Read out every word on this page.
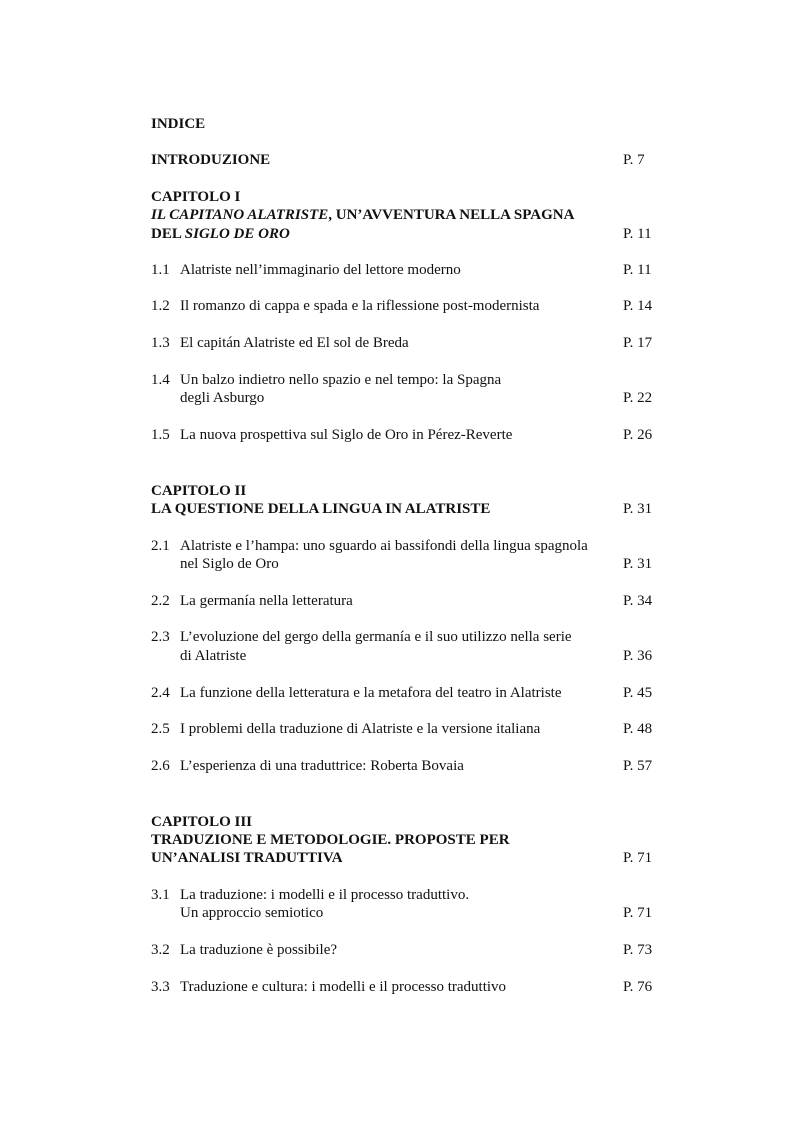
INDICE
INTRODUZIONE	P. 7
CAPITOLO I
IL CAPITANO ALATRISTE, UN’AVVENTURA NELLA SPAGNA
DEL SIGLO DE ORO	P. 11
1.1 Alatriste nell’immaginario del lettore moderno	P. 11
1.2 Il romanzo di cappa e spada e la riflessione post-modernista	P. 14
1.3 El capitán Alatriste ed El sol de Breda	P. 17
1.4 Un balzo indietro nello spazio e nel tempo: la Spagna
degli Asburgo	P. 22
1.5 La nuova prospettiva sul Siglo de Oro in Pérez-Reverte	P. 26
CAPITOLO II
LA QUESTIONE DELLA LINGUA IN ALATRISTE	P. 31
2.1 Alatriste e l’hampa: uno sguardo ai bassifondi della lingua spagnola
nel Siglo de Oro	P. 31
2.2 La germanía nella letteratura	P. 34
2.3 L’evoluzione del gergo della germanía e il suo utilizzo nella serie
di Alatriste	P. 36
2.4 La funzione della letteratura e la metafora del teatro in Alatriste	P. 45
2.5 I problemi della traduzione di Alatriste e la versione italiana	P. 48
2.6 L’esperienza di una traduttrice: Roberta Bovaia	P. 57
CAPITOLO III
TRADUZIONE E METODOLOGIE. PROPOSTE PER
UN’ANALISI TRADUTTIVA	P. 71
3.1 La traduzione: i modelli e il processo traduttivo.
Un approccio semiotico	P. 71
3.2 La traduzione è possibile?	P. 73
3.3 Traduzione e cultura: i modelli e il processo traduttivo	P. 76
